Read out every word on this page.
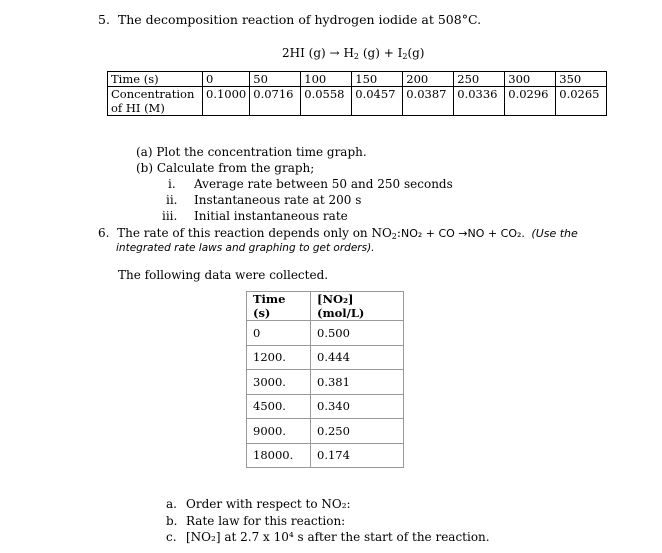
5. The decomposition reaction of hydrogen iodide at 508°C.
2HI $(g) \to H_2$ $(g) + I_2(g)$
Time (s)	0	50	100	150	200	250	300	350

Concentration
of HI (M)	0.1000	0.0716	0.0558	0.0457	0.0387	0.0336	0.0296	0.0265
(a) Plot the concentration time graph.
(b) Calculate from the graph;
i. Average rate between 50 and 250 seconds
ii. Instantaneous rate at 200 s
iii. Initial instantaneous rate
6. The rate of this reaction depends only on $NO_2$: NO₂ + CO →NO + CO₂. (Use the
integrated rate laws and graphing to get orders).
The following data were collected.
Time (s)	[NO₂] (mol/L)
0	0.500
1200.	0.444
3000.	0.381
4500.	0.340
9000.	0.250
18000.	0.174
a. Order with respect to NO₂:
b. Rate law for this reaction:
c. [NO₂] at 2.7 x 10⁴ s after the start of the reaction.
